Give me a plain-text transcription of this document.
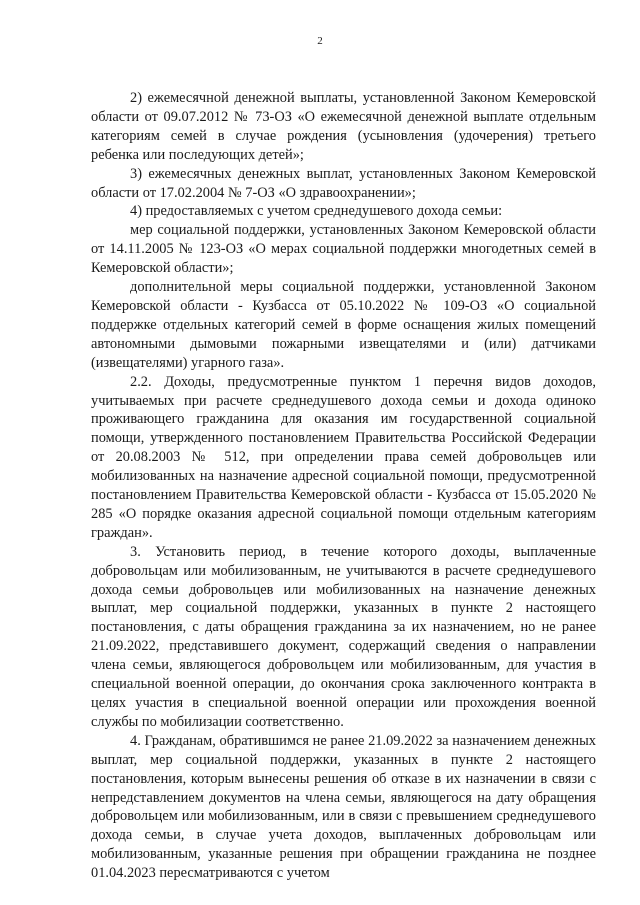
2

2) ежемесячной денежной выплаты, установленной Законом Кемеровской области от 09.07.2012 № 73-ОЗ «О ежемесячной денежной выплате отдельным категориям семей в случае рождения (усыновления (удочерения) третьего ребенка или последующих детей»;

3) ежемесячных денежных выплат, установленных Законом Кемеровской области от 17.02.2004 № 7-ОЗ «О здравоохранении»;

4) предоставляемых с учетом среднедушевого дохода семьи:

мер социальной поддержки, установленных Законом Кемеровской области от 14.11.2005 № 123-ОЗ «О мерах социальной поддержки многодетных семей в Кемеровской области»;

дополнительной меры социальной поддержки, установленной Законом Кемеровской области - Кузбасса от 05.10.2022 № 109-ОЗ «О социальной поддержке отдельных категорий семей в форме оснащения жилых помещений автономными дымовыми пожарными извещателями и (или) датчиками (извещателями) угарного газа».

2.2. Доходы, предусмотренные пунктом 1 перечня видов доходов, учитываемых при расчете среднедушевого дохода семьи и дохода одиноко проживающего гражданина для оказания им государственной социальной помощи, утвержденного постановлением Правительства Российской Федерации от 20.08.2003 № 512, при определении права семей добровольцев или мобилизованных на назначение адресной социальной помощи, предусмотренной постановлением Правительства Кемеровской области - Кузбасса от 15.05.2020 № 285 «О порядке оказания адресной социальной помощи отдельным категориям граждан».

3. Установить период, в течение которого доходы, выплаченные добровольцам или мобилизованным, не учитываются в расчете среднедушевого дохода семьи добровольцев или мобилизованных на назначение денежных выплат, мер социальной поддержки, указанных в пункте 2 настоящего постановления, с даты обращения гражданина за их назначением, но не ранее 21.09.2022, представившего документ, содержащий сведения о направлении члена семьи, являющегося добровольцем или мобилизованным, для участия в специальной военной операции, до окончания срока заключенного контракта в целях участия в специальной военной операции или прохождения военной службы по мобилизации соответственно.

4. Гражданам, обратившимся не ранее 21.09.2022 за назначением денежных выплат, мер социальной поддержки, указанных в пункте 2 настоящего постановления, которым вынесены решения об отказе в их назначении в связи с непредставлением документов на члена семьи, являющегося на дату обращения добровольцем или мобилизованным, или в связи с превышением среднедушевого дохода семьи, в случае учета доходов, выплаченных добровольцам или мобилизованным, указанные решения при обращении гражданина не позднее 01.04.2023 пересматриваются с учетом
